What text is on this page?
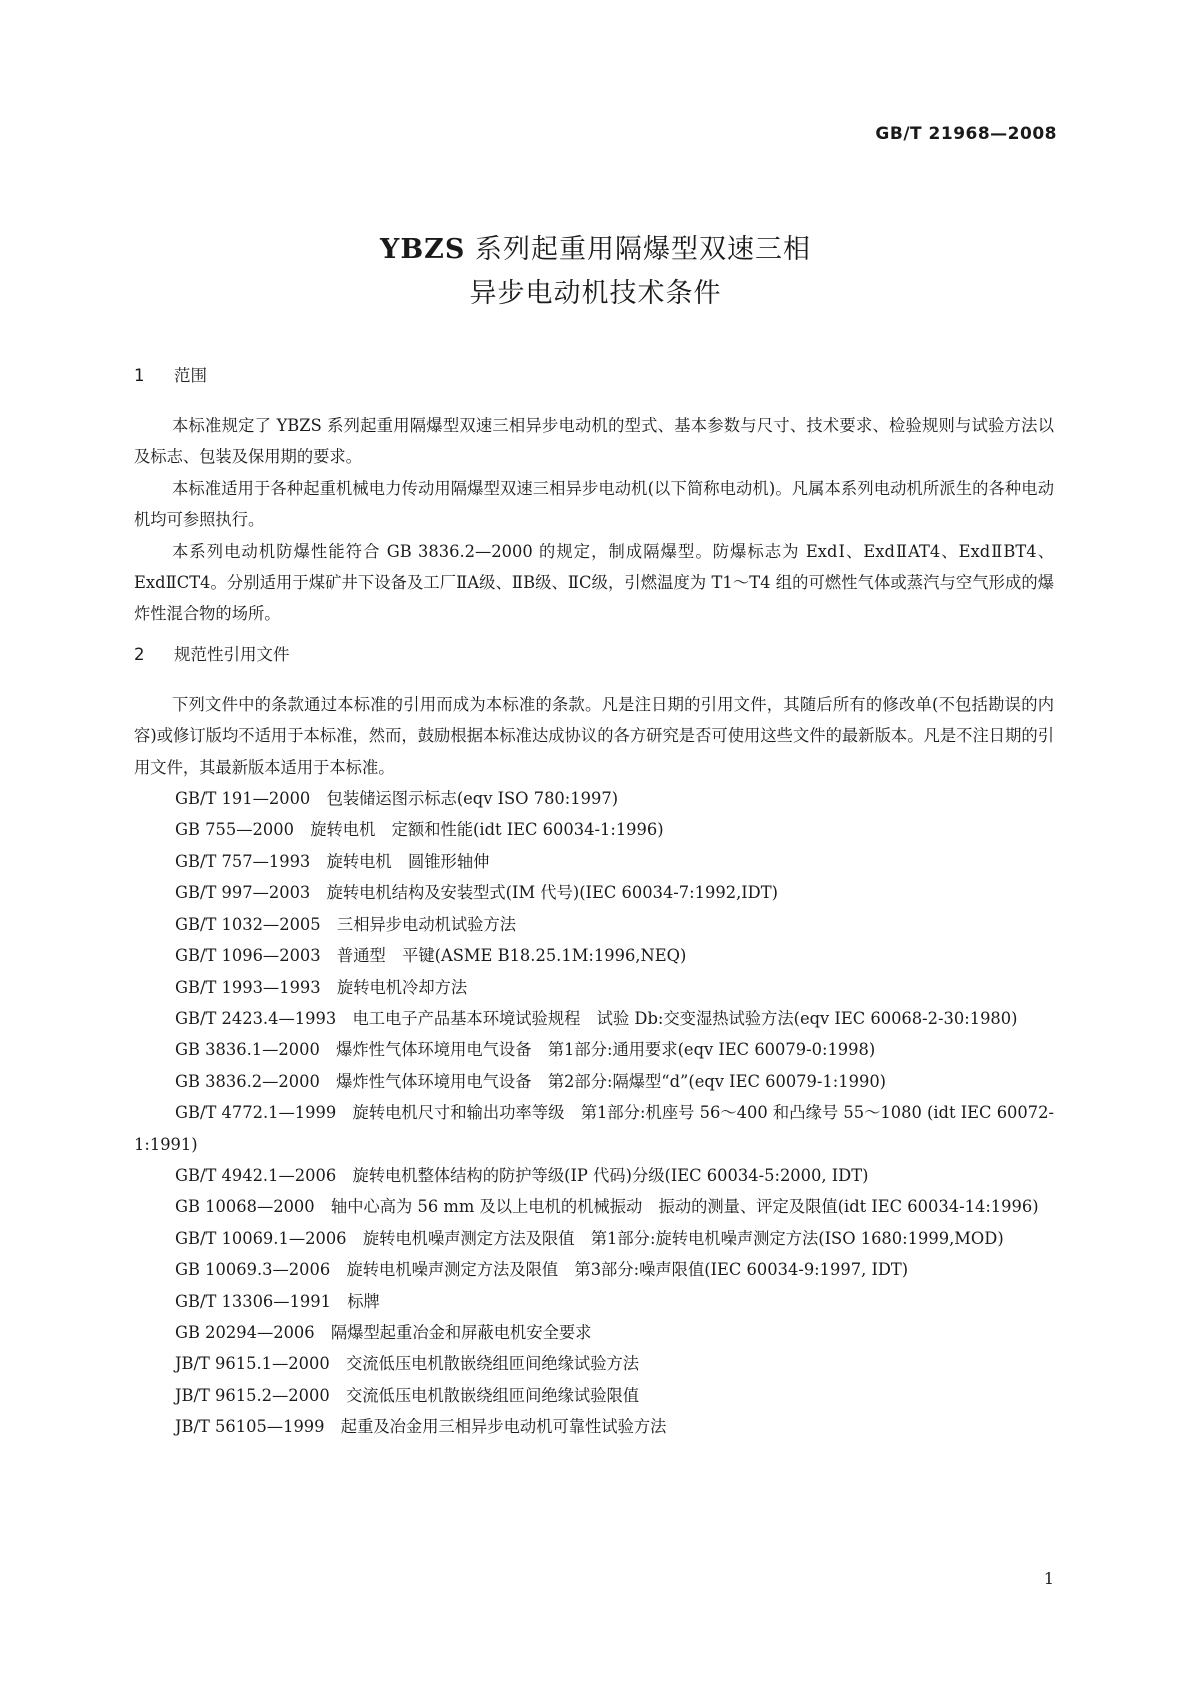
GB/T 21968—2008
YBZS 系列起重用隔爆型双速三相
异步电动机技术条件
1 范围

本标准规定了 YBZS 系列起重用隔爆型双速三相异步电动机的型式、基本参数与尺寸、技术要求、检验规则与试验方法以及标志、包装及保用期的要求。

本标准适用于各种起重机械电力传动用隔爆型双速三相异步电动机(以下简称电动机)。凡属本系列电动机所派生的各种电动机均可参照执行。

本系列电动机防爆性能符合 GB 3836.2—2000 的规定，制成隔爆型。防爆标志为 ExdⅠ、ExdⅡAT4、ExdⅡBT4、ExdⅡCT4。分别适用于煤矿井下设备及工厂ⅡA级、ⅡB级、ⅡC级，引燃温度为 T1～T4 组的可燃性气体或蒸汽与空气形成的爆炸性混合物的场所。

2 规范性引用文件

下列文件中的条款通过本标准的引用而成为本标准的条款。凡是注日期的引用文件，其随后所有的修改单(不包括勘误的内容)或修订版均不适用于本标准，然而，鼓励根据本标准达成协议的各方研究是否可使用这些文件的最新版本。凡是不注日期的引用文件，其最新版本适用于本标准。

GB/T 191—2000　包装储运图示标志(eqv ISO 780:1997)

GB 755—2000　旋转电机　定额和性能(idt IEC 60034-1:1996)

GB/T 757—1993　旋转电机　圆锥形轴伸

GB/T 997—2003　旋转电机结构及安装型式(IM 代号)(IEC 60034-7:1992,IDT)

GB/T 1032—2005　三相异步电动机试验方法

GB/T 1096—2003　普通型　平键(ASME B18.25.1M:1996,NEQ)

GB/T 1993—1993　旋转电机冷却方法

GB/T 2423.4—1993　电工电子产品基本环境试验规程　试验 Db:交变湿热试验方法(eqv IEC 60068-2-30:1980)

GB 3836.1—2000　爆炸性气体环境用电气设备　第1部分:通用要求(eqv IEC 60079-0:1998)

GB 3836.2—2000　爆炸性气体环境用电气设备　第2部分:隔爆型“d”(eqv IEC 60079-1:1990)

GB/T 4772.1—1999　旋转电机尺寸和输出功率等级　第1部分:机座号 56～400 和凸缘号 55～1080 (idt IEC 60072-1:1991)

GB/T 4942.1—2006　旋转电机整体结构的防护等级(IP 代码)分级(IEC 60034-5:2000, IDT)

GB 10068—2000　轴中心高为 56 mm 及以上电机的机械振动　振动的测量、评定及限值(idt IEC 60034-14:1996)

GB/T 10069.1—2006　旋转电机噪声测定方法及限值　第1部分:旋转电机噪声测定方法(ISO 1680:1999,MOD)

GB 10069.3—2006　旋转电机噪声测定方法及限值　第3部分:噪声限值(IEC 60034-9:1997, IDT)

GB/T 13306—1991　标牌

GB 20294—2006　隔爆型起重冶金和屏蔽电机安全要求

JB/T 9615.1—2000　交流低压电机散嵌绕组匝间绝缘试验方法

JB/T 9615.2—2000　交流低压电机散嵌绕组匝间绝缘试验限值

JB/T 56105—1999　起重及冶金用三相异步电动机可靠性试验方法

1
